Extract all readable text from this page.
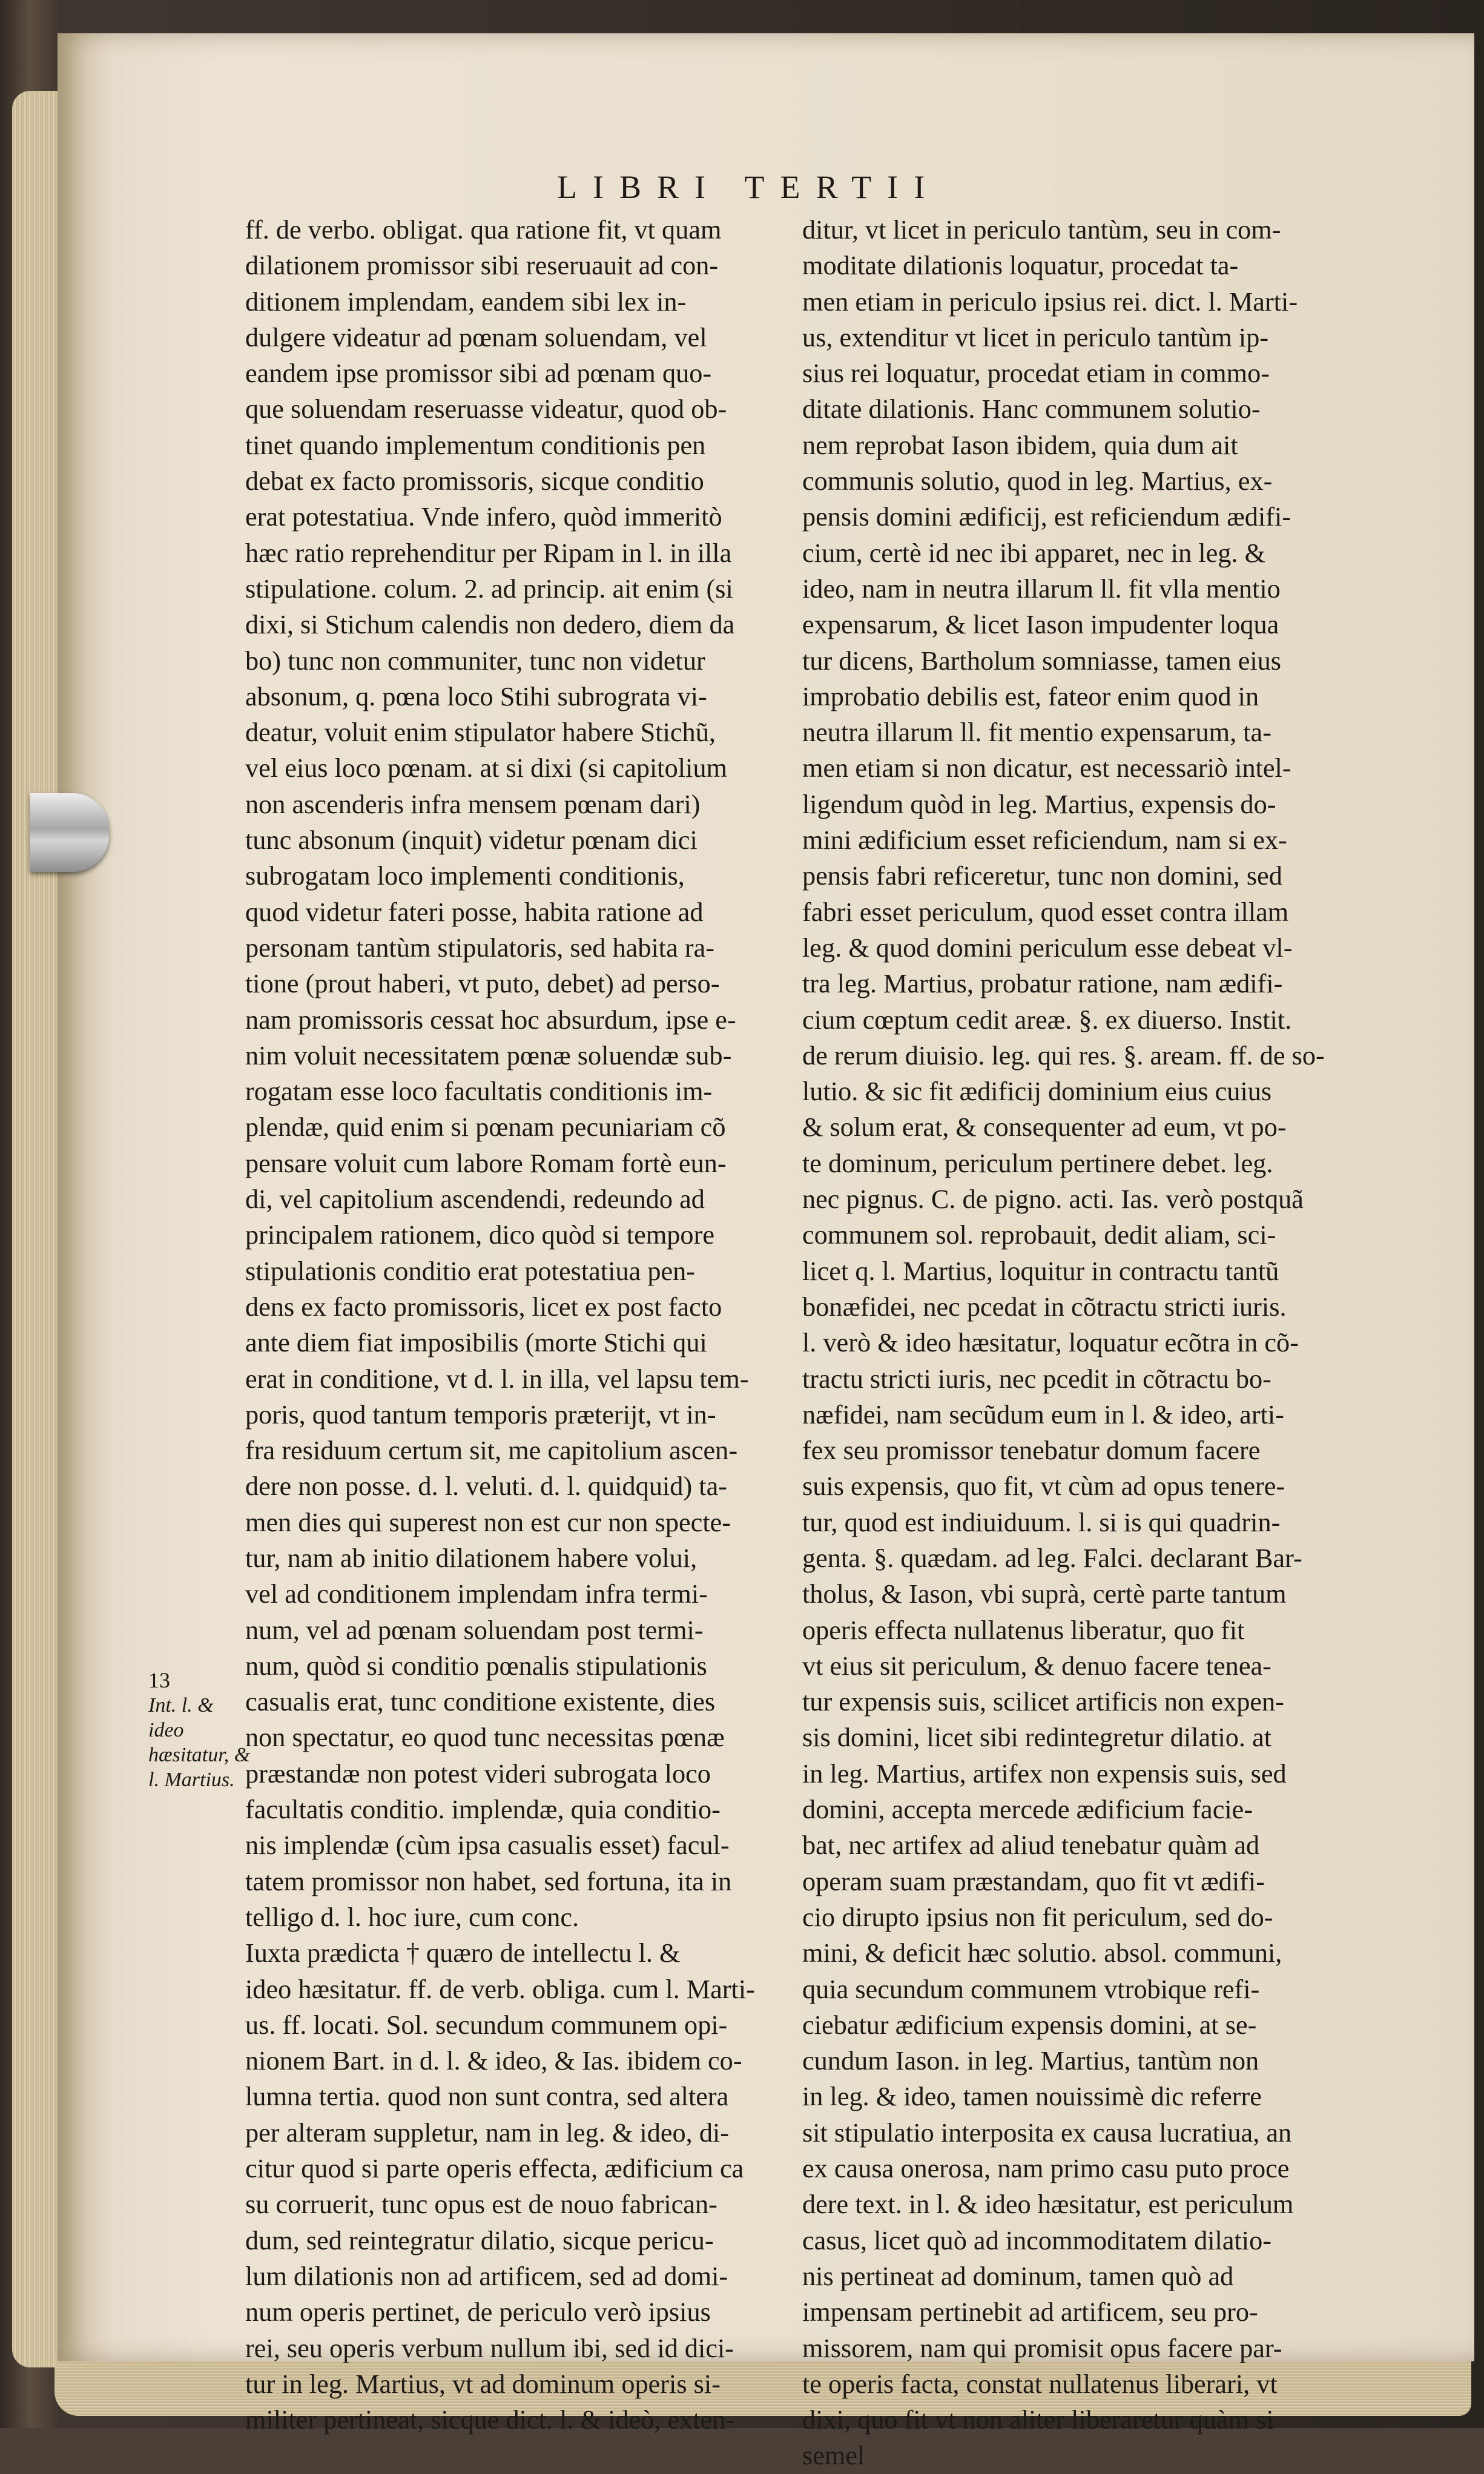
LIBRI TERTII
ff. de verbo. obligat. qua ratione fit, vt quam
dilationem promissor sibi reseruauit ad con-
ditionem implendam, eandem sibi lex in-
dulgere videatur ad pœnam soluendam, vel
eandem ipse promissor sibi ad pœnam quo-
que soluendam reseruasse videatur, quod ob-
tinet quando implementum conditionis pen
debat ex facto promissoris, sicque conditio
erat potestatiua. Vnde infero, quòd immeritò
hæc ratio reprehenditur per Ripam in l. in illa
stipulatione. colum. 2. ad princip. ait enim (si
dixi, si Stichum calendis non dedero, diem da
bo) tunc non communiter, tunc non videtur
absonum, q. pœna loco Stihi subrograta vi-
deatur, voluit enim stipulator habere Stichũ,
vel eius loco pœnam. at si dixi (si capitolium
non ascenderis infra mensem pœnam dari)
tunc absonum (inquit) videtur pœnam dici
subrogatam loco implementi conditionis,
quod videtur fateri posse, habita ratione ad
personam tantùm stipulatoris, sed habita ra-
tione (prout haberi, vt puto, debet) ad perso-
nam promissoris cessat hoc absurdum, ipse e-
nim voluit necessitatem pœnæ soluendæ sub-
rogatam esse loco facultatis conditionis im-
plendæ, quid enim si pœnam pecuniariam cõ
pensare voluit cum labore Romam fortè eun-
di, vel capitolium ascendendi, redeundo ad
principalem rationem, dico quòd si tempore
stipulationis conditio erat potestatiua pen-
dens ex facto promissoris, licet ex post facto
ante diem fiat imposibilis (morte Stichi qui
erat in conditione, vt d. l. in illa, vel lapsu tem-
poris, quod tantum temporis præterijt, vt in-
fra residuum certum sit, me capitolium ascen-
dere non posse. d. l. veluti. d. l. quidquid) ta-
men dies qui superest non est cur non specte-
tur, nam ab initio dilationem habere volui,
vel ad conditionem implendam infra termi-
num, vel ad pœnam soluendam post termi-
num, quòd si conditio pœnalis stipulationis
casualis erat, tunc conditione existente, dies
non spectatur, eo quod tunc necessitas pœnæ
præstandæ non potest videri subrogata loco
facultatis conditio. implendæ, quia conditio-
nis implendæ (cùm ipsa casualis esset) facul-
tatem promissor non habet, sed fortuna, ita in
telligo d. l. hoc iure, cum conc.
Iuxta prædicta † quæro de intellectu l. &
ideo hæsitatur. ff. de verb. obliga. cum l. Marti-
us. ff. locati. Sol. secundum communem opi-
nionem Bart. in d. l. & ideo, & Ias. ibidem co-
lumna tertia. quod non sunt contra, sed altera
per alteram suppletur, nam in leg. & ideo, di-
citur quod si parte operis effecta, ædificium ca
su corruerit, tunc opus est de nouo fabrican-
dum, sed reintegratur dilatio, sicque pericu-
lum dilationis non ad artificem, sed ad domi-
num operis pertinet, de periculo verò ipsius
rei, seu operis verbum nullum ibi, sed id dici-
tur in leg. Martius, vt ad dominum operis si-
militer pertineat, sicque dict. l. & ideò, exten-
ditur, vt licet in periculo tantùm, seu in com-
moditate dilationis loquatur, procedat ta-
men etiam in periculo ipsius rei. dict. l. Marti-
us, extenditur vt licet in periculo tantùm ip-
sius rei loquatur, procedat etiam in commo-
ditate dilationis. Hanc communem solutio-
nem reprobat Iason ibidem, quia dum ait
communis solutio, quod in leg. Martius, ex-
pensis domini ædificij, est reficiendum ædifi-
cium, certè id nec ibi apparet, nec in leg. &
ideo, nam in neutra illarum ll. fit vlla mentio
expensarum, & licet Iason impudenter loqua
tur dicens, Bartholum somniasse, tamen eius
improbatio debilis est, fateor enim quod in
neutra illarum ll. fit mentio expensarum, ta-
men etiam si non dicatur, est necessariò intel-
ligendum quòd in leg. Martius, expensis do-
mini ædificium esset reficiendum, nam si ex-
pensis fabri reficeretur, tunc non domini, sed
fabri esset periculum, quod esset contra illam
leg. & quod domini periculum esse debeat vl-
tra leg. Martius, probatur ratione, nam ædifi-
cium cœptum cedit areæ. §. ex diuerso. Instit.
de rerum diuisio. leg. qui res. §. aream. ff. de so-
lutio. & sic fit ædificij dominium eius cuius
& solum erat, & consequenter ad eum, vt po-
te dominum, periculum pertinere debet. leg.
nec pignus. C. de pigno. acti. Ias. verò postquã
communem sol. reprobauit, dedit aliam, sci-
licet q. l. Martius, loquitur in contractu tantũ
bonæfidei, nec pcedat in cõtractu stricti iuris.
l. verò & ideo hæsitatur, loquatur ecõtra in cõ-
tractu stricti iuris, nec pcedit in cõtractu bo-
næfidei, nam secũdum eum in l. & ideo, arti-
fex seu promissor tenebatur domum facere
suis expensis, quo fit, vt cùm ad opus tenere-
tur, quod est indiuiduum. l. si is qui quadrin-
genta. §. quædam. ad leg. Falci. declarant Bar-
tholus, & Iason, vbi suprà, certè parte tantum
operis effecta nullatenus liberatur, quo fit
vt eius sit periculum, & denuo facere tenea-
tur expensis suis, scilicet artificis non expen-
sis domini, licet sibi redintegretur dilatio. at
in leg. Martius, artifex non expensis suis, sed
domini, accepta mercede ædificium facie-
bat, nec artifex ad aliud tenebatur quàm ad
operam suam præstandam, quo fit vt ædifi-
cio dirupto ipsius non fit periculum, sed do-
mini, & deficit hæc solutio. absol. communi,
quia secundum communem vtrobique refi-
ciebatur ædificium expensis domini, at se-
cundum Iason. in leg. Martius, tantùm non
in leg. & ideo, tamen nouissimè dic referre
sit stipulatio interposita ex causa lucratiua, an
ex causa onerosa, nam primo casu puto proce
dere text. in l. & ideo hæsitatur, est periculum
casus, licet quò ad incommoditatem dilatio-
nis pertineat ad dominum, tamen quò ad
impensam pertinebit ad artificem, seu pro-
missorem, nam qui promisit opus facere par-
te operis facta, constat nullatenus liberari, vt
dixi, quo fit vt non aliter liberaretur quàm si
semel
13
Int. l. & ideo
hæsitatur, &
l. Martius.
